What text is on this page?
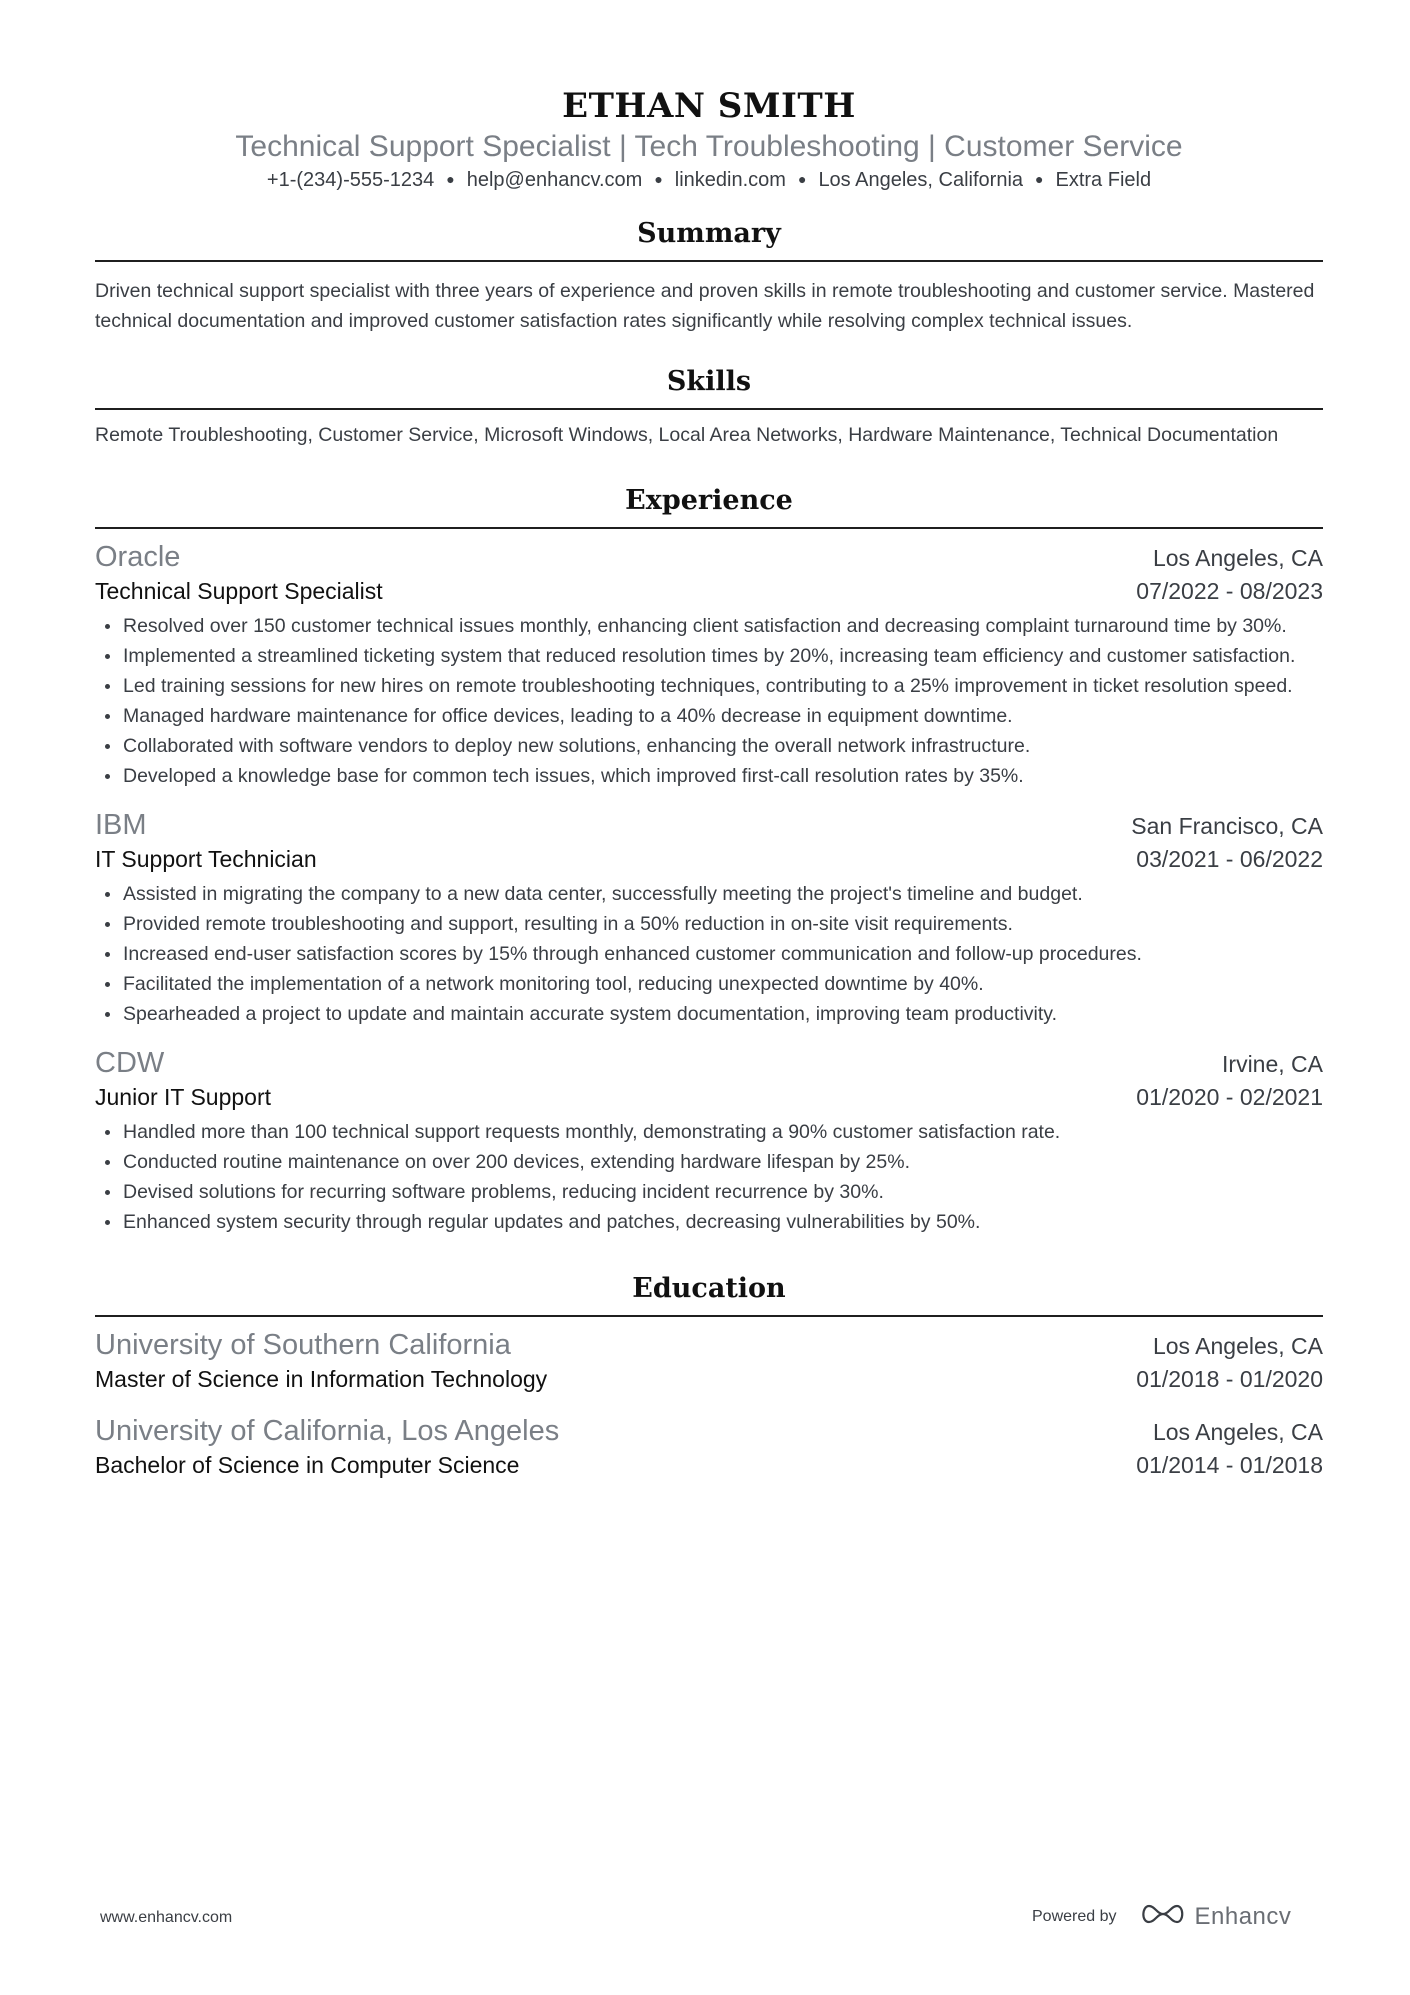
ETHAN SMITH
Technical Support Specialist | Tech Troubleshooting | Customer Service
+1-(234)-555-1234 ● help@enhancv.com ● linkedin.com ● Los Angeles, California ● Extra Field
Summary
Driven technical support specialist with three years of experience and proven skills in remote troubleshooting and customer service. Mastered technical documentation and improved customer satisfaction rates significantly while resolving complex technical issues.
Skills
Remote Troubleshooting, Customer Service, Microsoft Windows, Local Area Networks, Hardware Maintenance, Technical Documentation
Experience
Oracle	Los Angeles, CA
Technical Support Specialist	07/2022 - 08/2023
Resolved over 150 customer technical issues monthly, enhancing client satisfaction and decreasing complaint turnaround time by 30%.
Implemented a streamlined ticketing system that reduced resolution times by 20%, increasing team efficiency and customer satisfaction.
Led training sessions for new hires on remote troubleshooting techniques, contributing to a 25% improvement in ticket resolution speed.
Managed hardware maintenance for office devices, leading to a 40% decrease in equipment downtime.
Collaborated with software vendors to deploy new solutions, enhancing the overall network infrastructure.
Developed a knowledge base for common tech issues, which improved first-call resolution rates by 35%.
IBM	San Francisco, CA
IT Support Technician	03/2021 - 06/2022
Assisted in migrating the company to a new data center, successfully meeting the project's timeline and budget.
Provided remote troubleshooting and support, resulting in a 50% reduction in on-site visit requirements.
Increased end-user satisfaction scores by 15% through enhanced customer communication and follow-up procedures.
Facilitated the implementation of a network monitoring tool, reducing unexpected downtime by 40%.
Spearheaded a project to update and maintain accurate system documentation, improving team productivity.
CDW	Irvine, CA
Junior IT Support	01/2020 - 02/2021
Handled more than 100 technical support requests monthly, demonstrating a 90% customer satisfaction rate.
Conducted routine maintenance on over 200 devices, extending hardware lifespan by 25%.
Devised solutions for recurring software problems, reducing incident recurrence by 30%.
Enhanced system security through regular updates and patches, decreasing vulnerabilities by 50%.
Education
University of Southern California	Los Angeles, CA
Master of Science in Information Technology	01/2018 - 01/2020
University of California, Los Angeles	Los Angeles, CA
Bachelor of Science in Computer Science	01/2014 - 01/2018
www.enhancv.com	Powered by	Enhancv
